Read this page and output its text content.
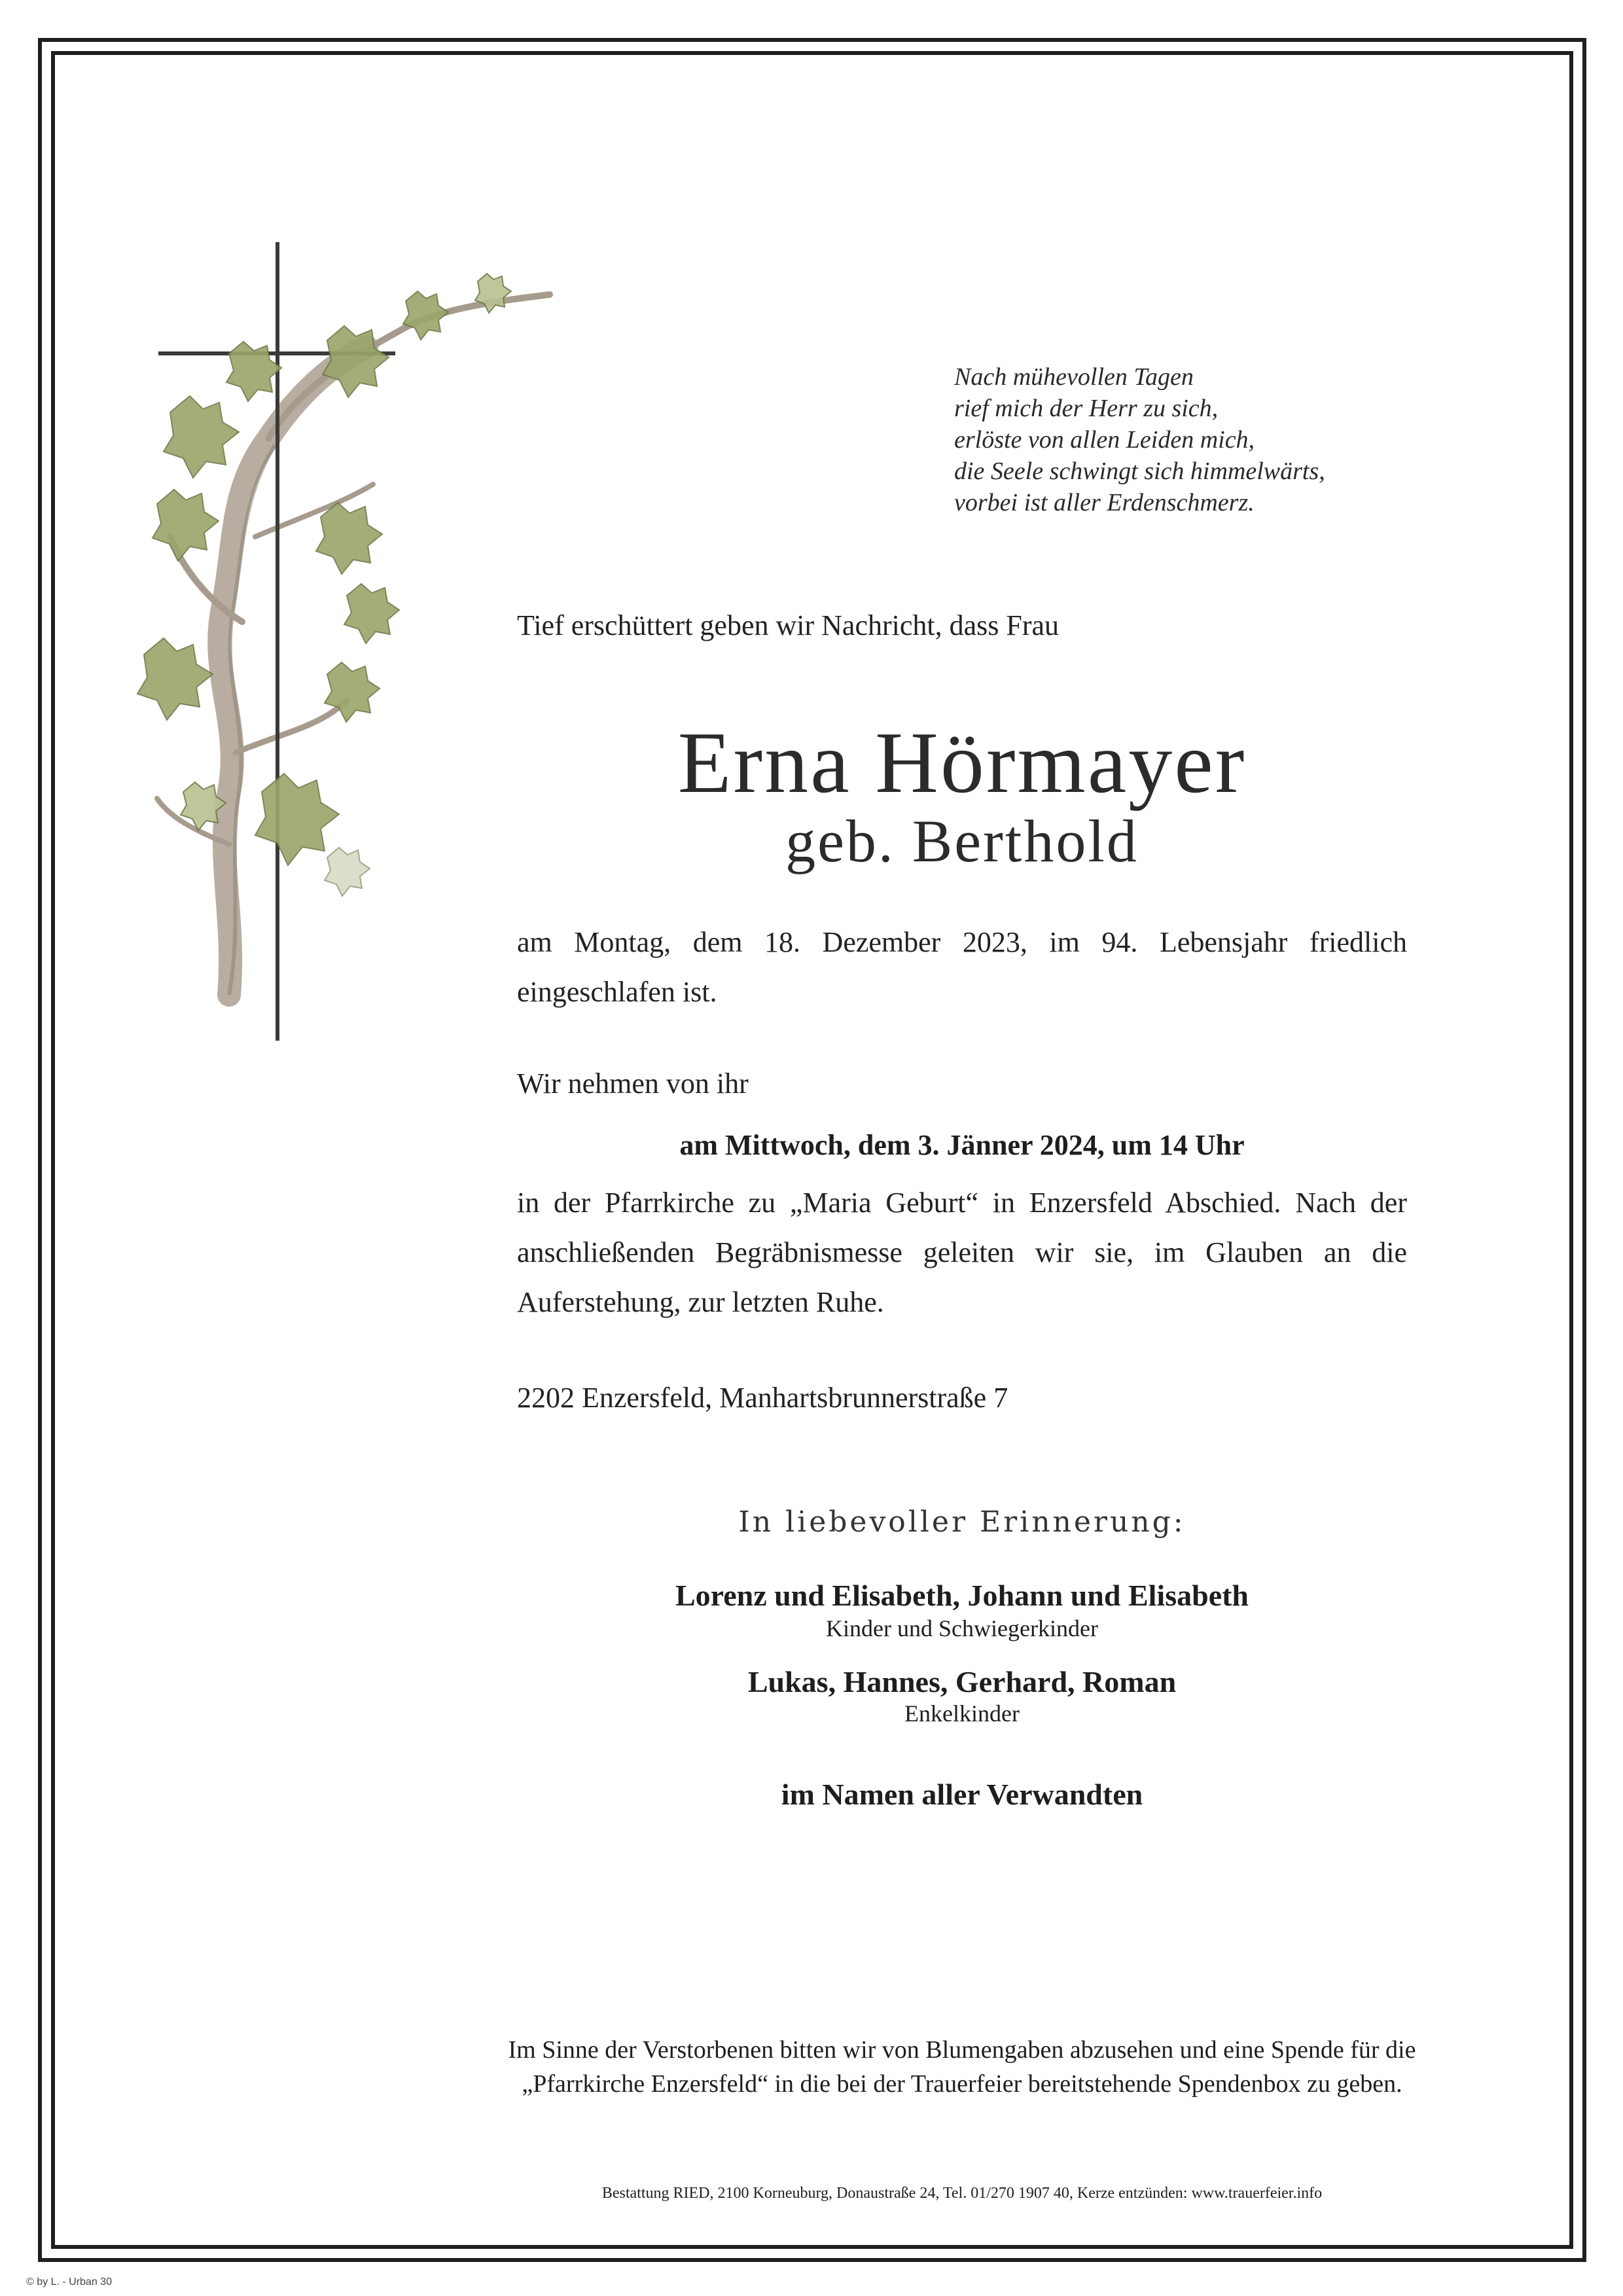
Nach mühevollen Tagen
rief mich der Herr zu sich,
erlöste von allen Leiden mich,
die Seele schwingt sich himmelwärts,
vorbei ist aller Erdenschmerz.
Tief erschüttert geben wir Nachricht, dass Frau
Erna Hörmayer
geb. Berthold
am Montag, dem 18. Dezember 2023, im 94. Lebensjahr friedlich eingeschlafen ist.
Wir nehmen von ihr
am Mittwoch, dem 3. Jänner 2024, um 14 Uhr
in der Pfarrkirche zu „Maria Geburt“ in Enzersfeld Abschied. Nach der anschließenden Begräbnismesse geleiten wir sie, im Glauben an die Auferstehung, zur letzten Ruhe.
2202 Enzersfeld, Manhartsbrunnerstraße 7
In liebevoller Erinnerung:
Lorenz und Elisabeth, Johann und Elisabeth
Kinder und Schwiegerkinder
Lukas, Hannes, Gerhard, Roman
Enkelkinder
im Namen aller Verwandten
Im Sinne der Verstorbenen bitten wir von Blumengaben abzusehen und eine Spende für die „Pfarrkirche Enzersfeld“ in die bei der Trauerfeier bereitstehende Spendenbox zu geben.
Bestattung RIED, 2100 Korneuburg, Donaustraße 24, Tel. 01/270 1907 40, Kerze entzünden: www.trauerfeier.info
© by L. - Urban 30
